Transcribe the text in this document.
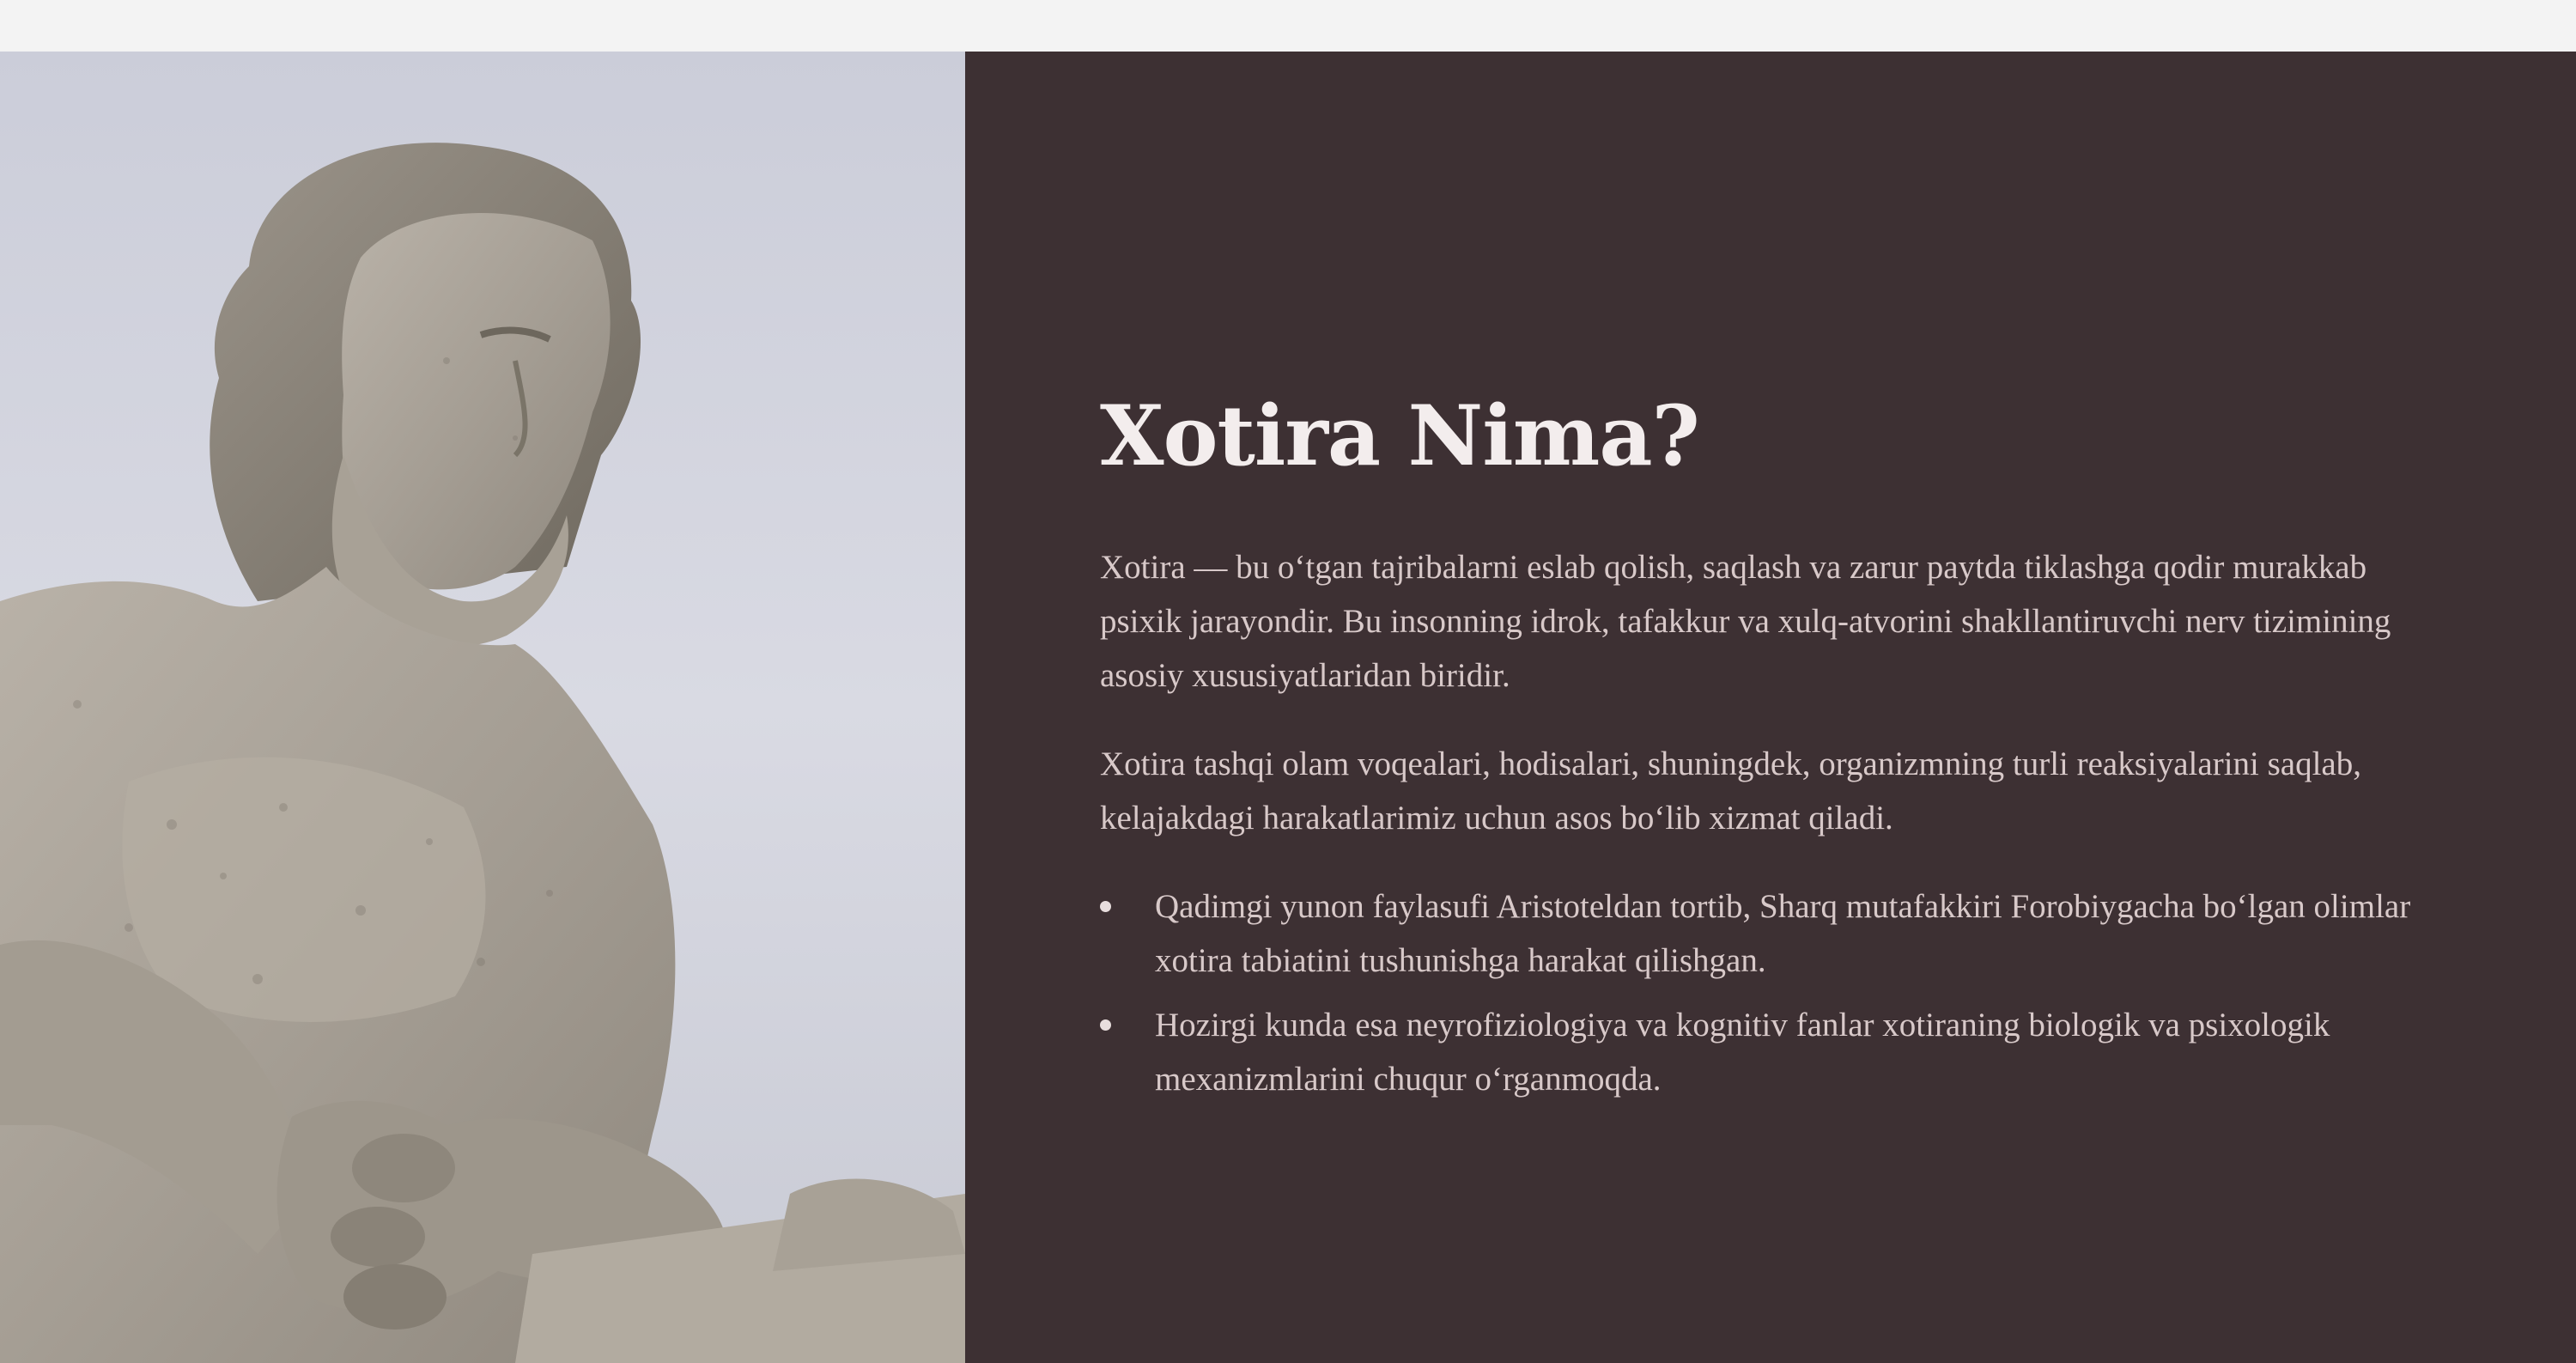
Xotira Nima?

Xotira — bu o‘tgan tajribalarni eslab qolish, saqlash va zarur paytda tiklashga qodir murakkab psixik jarayondir. Bu insonning idrok, tafakkur va xulq-atvorini shakllantiruvchi nerv tizimining asosiy xususiyatlaridan biridir.

Xotira tashqi olam voqealari, hodisalari, shuningdek, organizmning turli reaksiyalarini saqlab, kelajakdagi harakatlarimiz uchun asos bo‘lib xizmat qiladi.

Qadimgi yunon faylasufi Aristoteldan tortib, Sharq mutafakkiri Forobiygacha bo‘lgan olimlar xotira tabiatini tushunishga harakat qilishgan.
Hozirgi kunda esa neyrofiziologiya va kognitiv fanlar xotiraning biologik va psixologik mexanizmlarini chuqur o‘rganmoqda.
